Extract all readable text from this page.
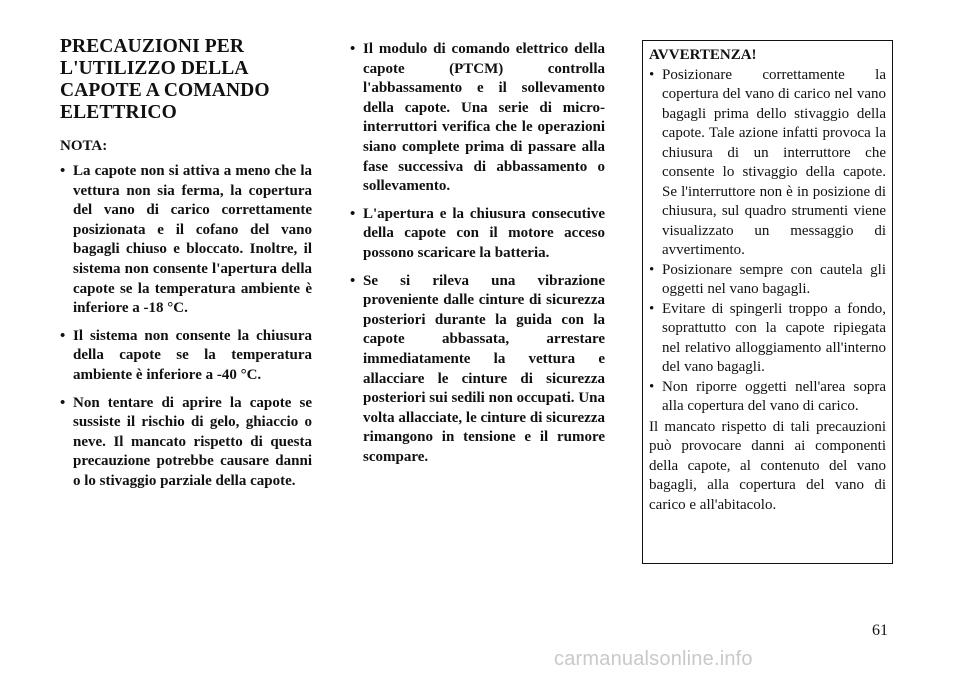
PRECAUZIONI PER
L'UTILIZZO DELLA
CAPOTE A COMANDO
ELETTRICO
NOTA:
• La capote non si attiva a meno che la vettura non sia ferma, la copertura del vano di carico correttamente posizionata e il cofano del vano bagagli chiuso e bloccato. Inoltre, il sistema non consente l'apertura della capote se la temperatura ambiente è inferiore a -18 °C.
• Il sistema non consente la chiusura della capote se la temperatura ambiente è inferiore a -40 °C.
• Non tentare di aprire la capote se sussiste il rischio di gelo, ghiaccio o neve. Il mancato rispetto di questa precauzione potrebbe causare danni o lo stivaggio parziale della capote.
• Il modulo di comando elettrico della capote (PTCM) controlla l'abbassamento e il sollevamento della capote. Una serie di micro-interruttori verifica che le operazioni siano complete prima di passare alla fase successiva di abbassamento o sollevamento.
• L'apertura e la chiusura consecutive della capote con il motore acceso possono scaricare la batteria.
• Se si rileva una vibrazione proveniente dalle cinture di sicurezza posteriori durante la guida con la capote abbassata, arrestare immediatamente la vettura e allacciare le cinture di sicurezza posteriori sui sedili non occupati. Una volta allacciate, le cinture di sicurezza rimangono in tensione e il rumore scompare.
AVVERTENZA!
• Posizionare correttamente la copertura del vano di carico nel vano bagagli prima dello stivaggio della capote. Tale azione infatti provoca la chiusura di un interruttore che consente lo stivaggio della capote. Se l'interruttore non è in posizione di chiusura, sul quadro strumenti viene visualizzato un messaggio di avvertimento.
• Posizionare sempre con cautela gli oggetti nel vano bagagli.
• Evitare di spingerli troppo a fondo, soprattutto con la capote ripiegata nel relativo alloggiamento all'interno del vano bagagli.
• Non riporre oggetti nell'area sopra alla copertura del vano di carico.
Il mancato rispetto di tali precauzioni può provocare danni ai componenti della capote, al contenuto del vano bagagli, alla copertura del vano di carico e all'abitacolo.
61
carmanualsonline.info
